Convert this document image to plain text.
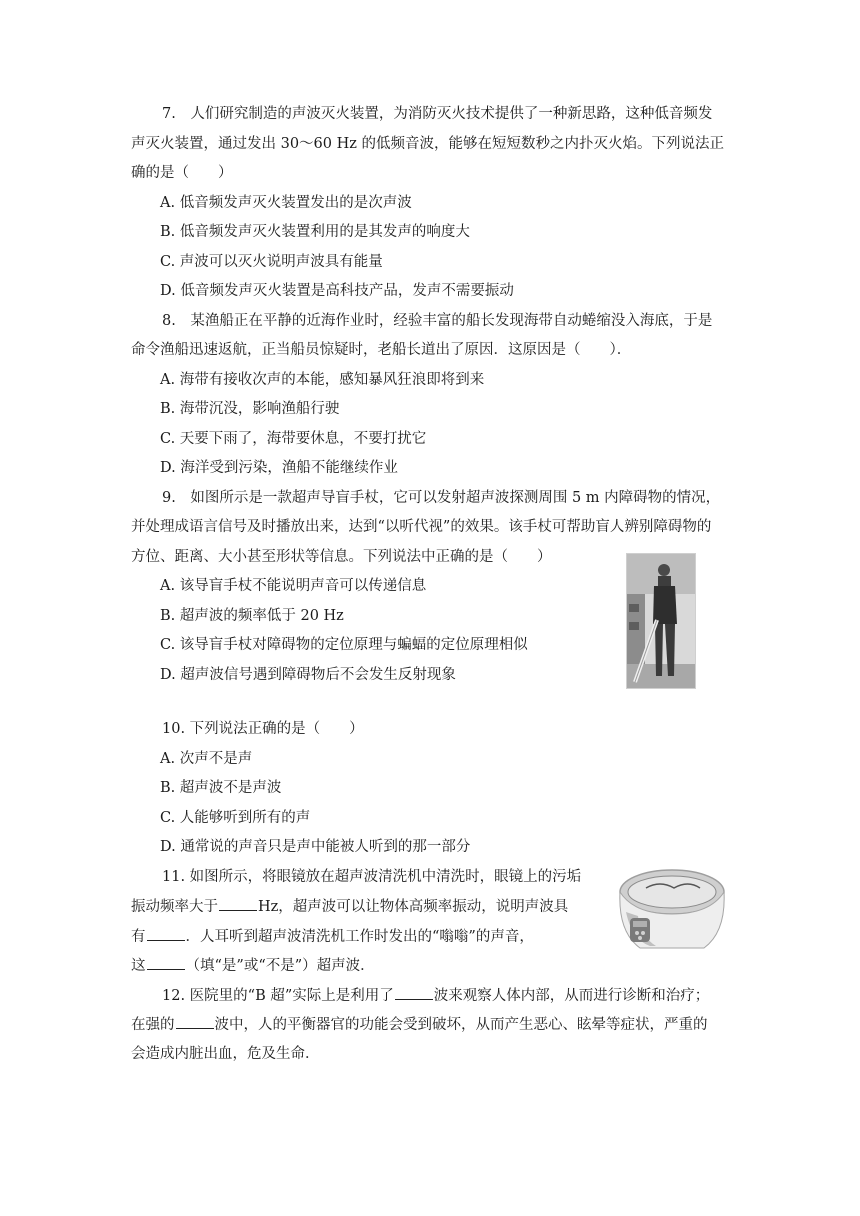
7.　人们研究制造的声波灭火装置，为消防灭火技术提供了一种新思路，这种低音频发
声灭火装置，通过发出 30～60 Hz 的低频音波，能够在短短数秒之内扑灭火焰。下列说法正
确的是（　　）
A. 低音频发声灭火装置发出的是次声波
B. 低音频发声灭火装置利用的是其发声的响度大
C. 声波可以灭火说明声波具有能量
D. 低音频发声灭火装置是高科技产品，发声不需要振动
8.　某渔船正在平静的近海作业时，经验丰富的船长发现海带自动蜷缩没入海底，于是
命令渔船迅速返航，正当船员惊疑时，老船长道出了原因．这原因是（　　）．
A. 海带有接收次声的本能，感知暴风狂浪即将到来
B. 海带沉没，影响渔船行驶
C. 天要下雨了，海带要休息，不要打扰它
D. 海洋受到污染，渔船不能继续作业
9.　如图所示是一款超声导盲手杖，它可以发射超声波探测周围 5 m 内障碍物的情况，
并处理成语言信号及时播放出来，达到“以听代视”的效果。该手杖可帮助盲人辨别障碍物的
方位、距离、大小甚至形状等信息。下列说法中正确的是（　　）
A. 该导盲手杖不能说明声音可以传递信息
B. 超声波的频率低于 20 Hz
C. 该导盲手杖对障碍物的定位原理与蝙蝠的定位原理相似
D. 超声波信号遇到障碍物后不会发生反射现象
10. 下列说法正确的是（　　）
A. 次声不是声
B. 超声波不是声波
C. 人能够听到所有的声
D. 通常说的声音只是声中能被人听到的那一部分
11. 如图所示，将眼镜放在超声波清洗机中清洗时，眼镜上的污垢
振动频率大于	Hz，超声波可以让物体高频率振动，说明声波具
有	．人耳听到超声波清洗机工作时发出的“嗡嗡”的声音，
这	（填“是”或“不是”）超声波．
12. 医院里的“B 超”实际上是利用了	波来观察人体内部，从而进行诊断和治疗；
在强的	波中，人的平衡器官的功能会受到破坏，从而产生恶心、眩晕等症状，严重的
会造成内脏出血，危及生命．
